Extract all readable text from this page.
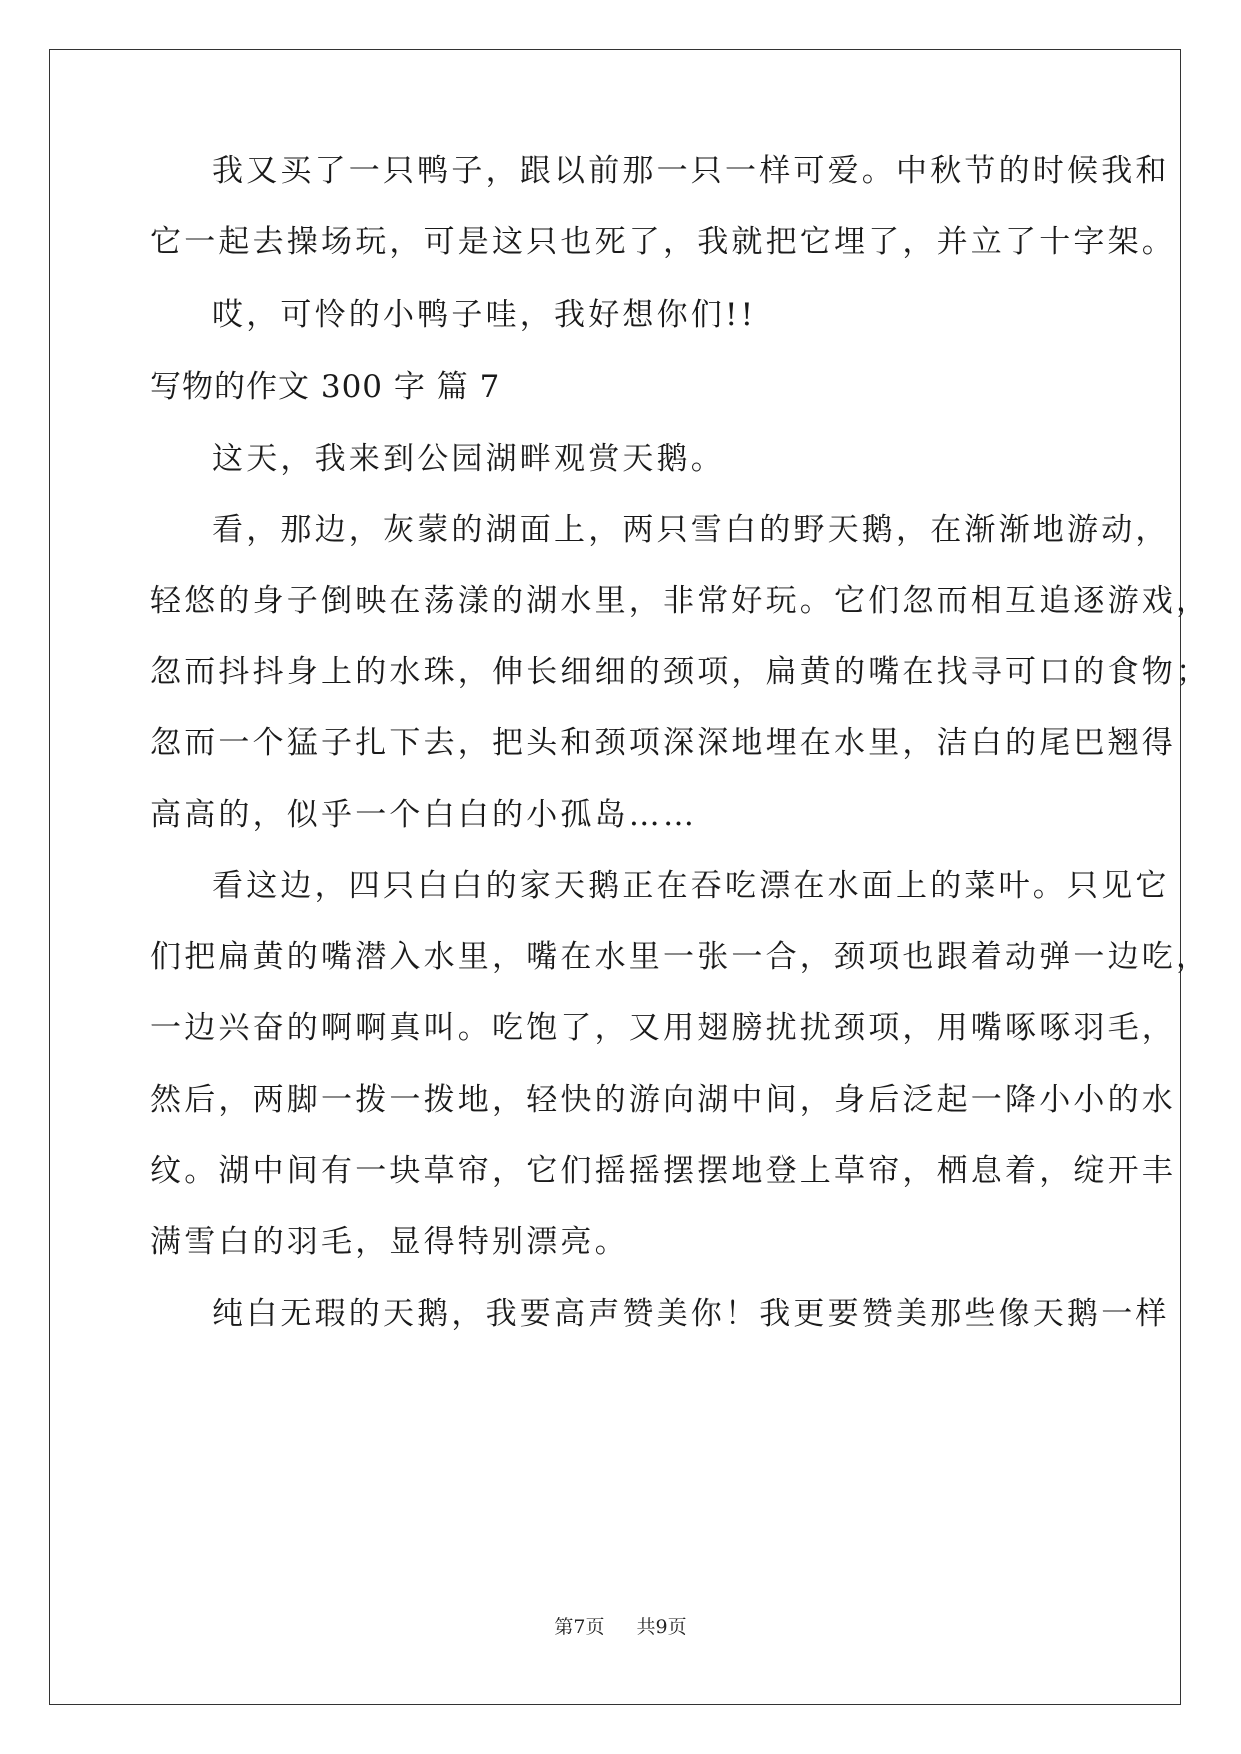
我又买了一只鸭子，跟以前那一只一样可爱。中秋节的时候我和
它一起去操场玩，可是这只也死了，我就把它埋了，并立了十字架。
哎，可怜的小鸭子哇，我好想你们!!
写物的作文 300 字 篇 7
这天，我来到公园湖畔观赏天鹅。
看，那边，灰蒙的湖面上，两只雪白的野天鹅，在渐渐地游动，
轻悠的身子倒映在荡漾的湖水里，非常好玩。它们忽而相互追逐游戏，
忽而抖抖身上的水珠，伸长细细的颈项，扁黄的嘴在找寻可口的食物；
忽而一个猛子扎下去，把头和颈项深深地埋在水里，洁白的尾巴翘得
高高的，似乎一个白白的小孤岛……
看这边，四只白白的家天鹅正在吞吃漂在水面上的菜叶。只见它
们把扁黄的嘴潜入水里，嘴在水里一张一合，颈项也跟着动弹一边吃，
一边兴奋的啊啊真叫。吃饱了，又用翅膀扰扰颈项，用嘴啄啄羽毛，
然后，两脚一拨一拨地，轻快的游向湖中间，身后泛起一降小小的水
纹。湖中间有一块草帘，它们摇摇摆摆地登上草帘，栖息着，绽开丰
满雪白的羽毛，显得特别漂亮。
纯白无瑕的天鹅，我要高声赞美你！我更要赞美那些像天鹅一样
第7页 共9页
